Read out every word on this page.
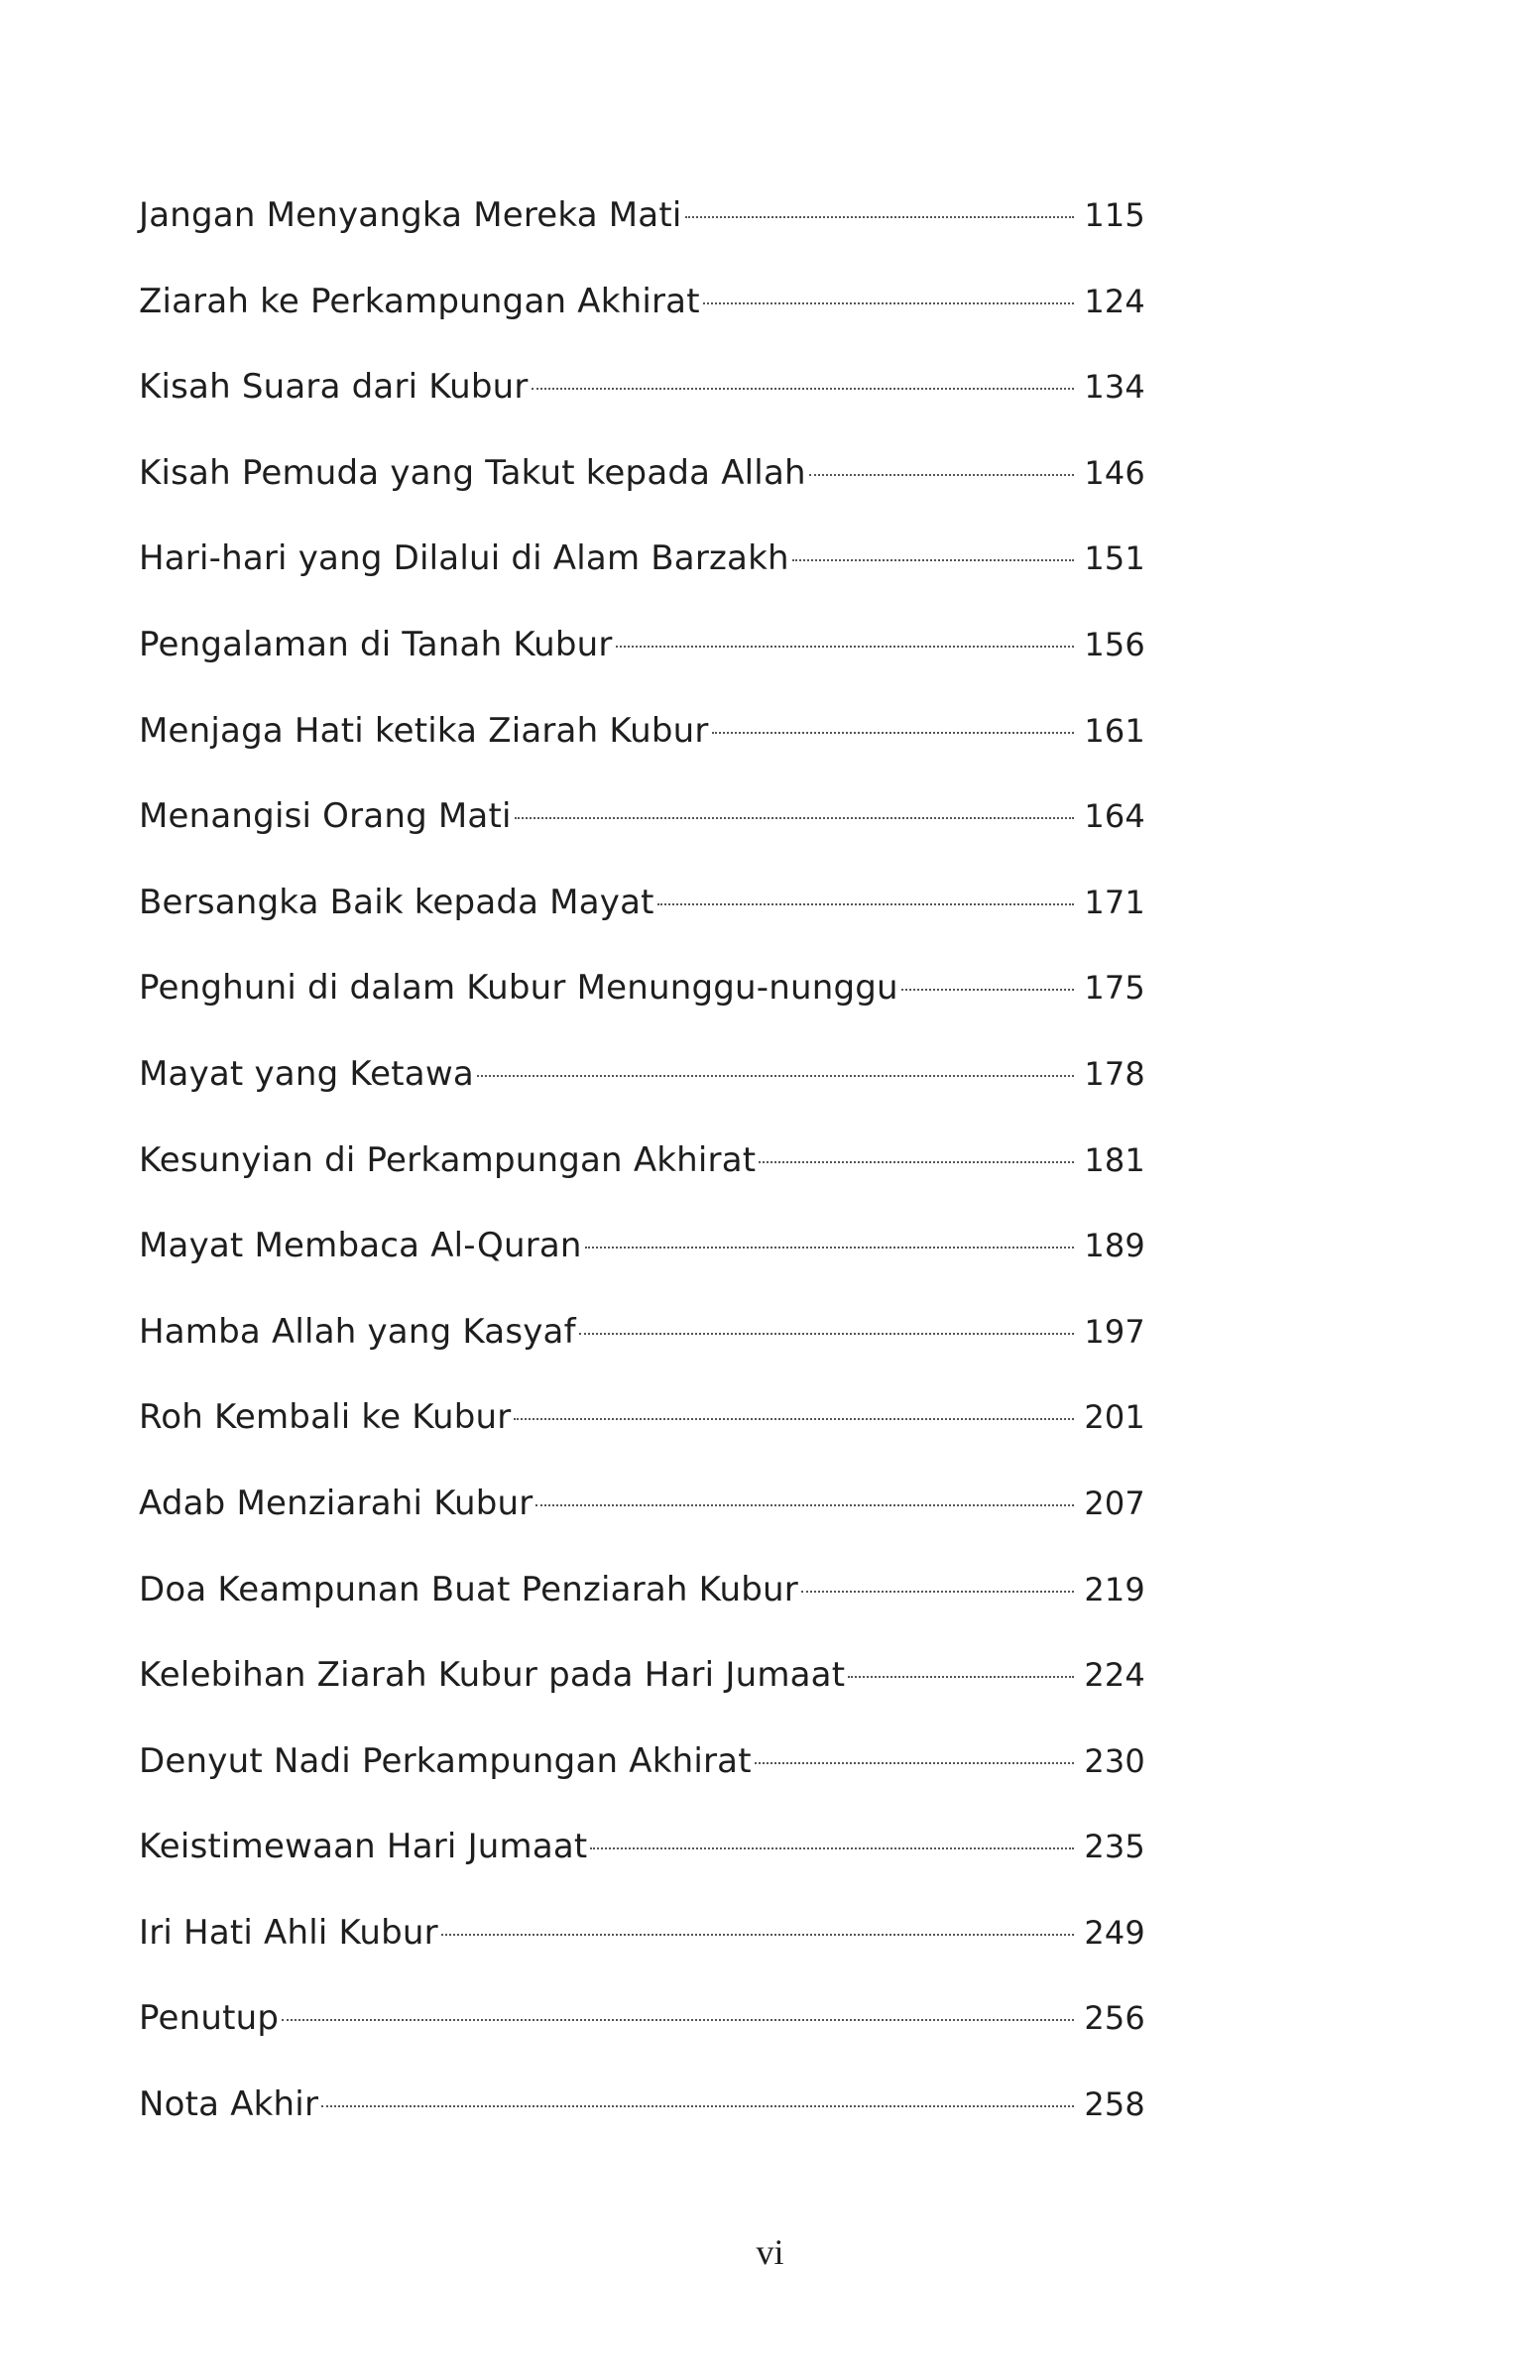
Jangan Menyangka Mereka Mati	115
Ziarah ke Perkampungan Akhirat	124
Kisah Suara dari Kubur	134
Kisah Pemuda yang Takut kepada Allah	146
Hari-hari yang Dilalui di Alam Barzakh	151
Pengalaman di Tanah Kubur	156
Menjaga Hati ketika Ziarah Kubur	161
Menangisi Orang Mati	164
Bersangka Baik kepada Mayat	171
Penghuni di dalam Kubur Menunggu-nunggu	175
Mayat yang Ketawa	178
Kesunyian di Perkampungan Akhirat	181
Mayat Membaca Al-Quran	189
Hamba Allah yang Kasyaf	197
Roh Kembali ke Kubur	201
Adab Menziarahi Kubur	207
Doa Keampunan Buat Penziarah Kubur	219
Kelebihan Ziarah Kubur pada Hari Jumaat	224
Denyut Nadi Perkampungan Akhirat	230
Keistimewaan Hari Jumaat	235
Iri Hati Ahli Kubur	249
Penutup	256
Nota Akhir	258
vi
